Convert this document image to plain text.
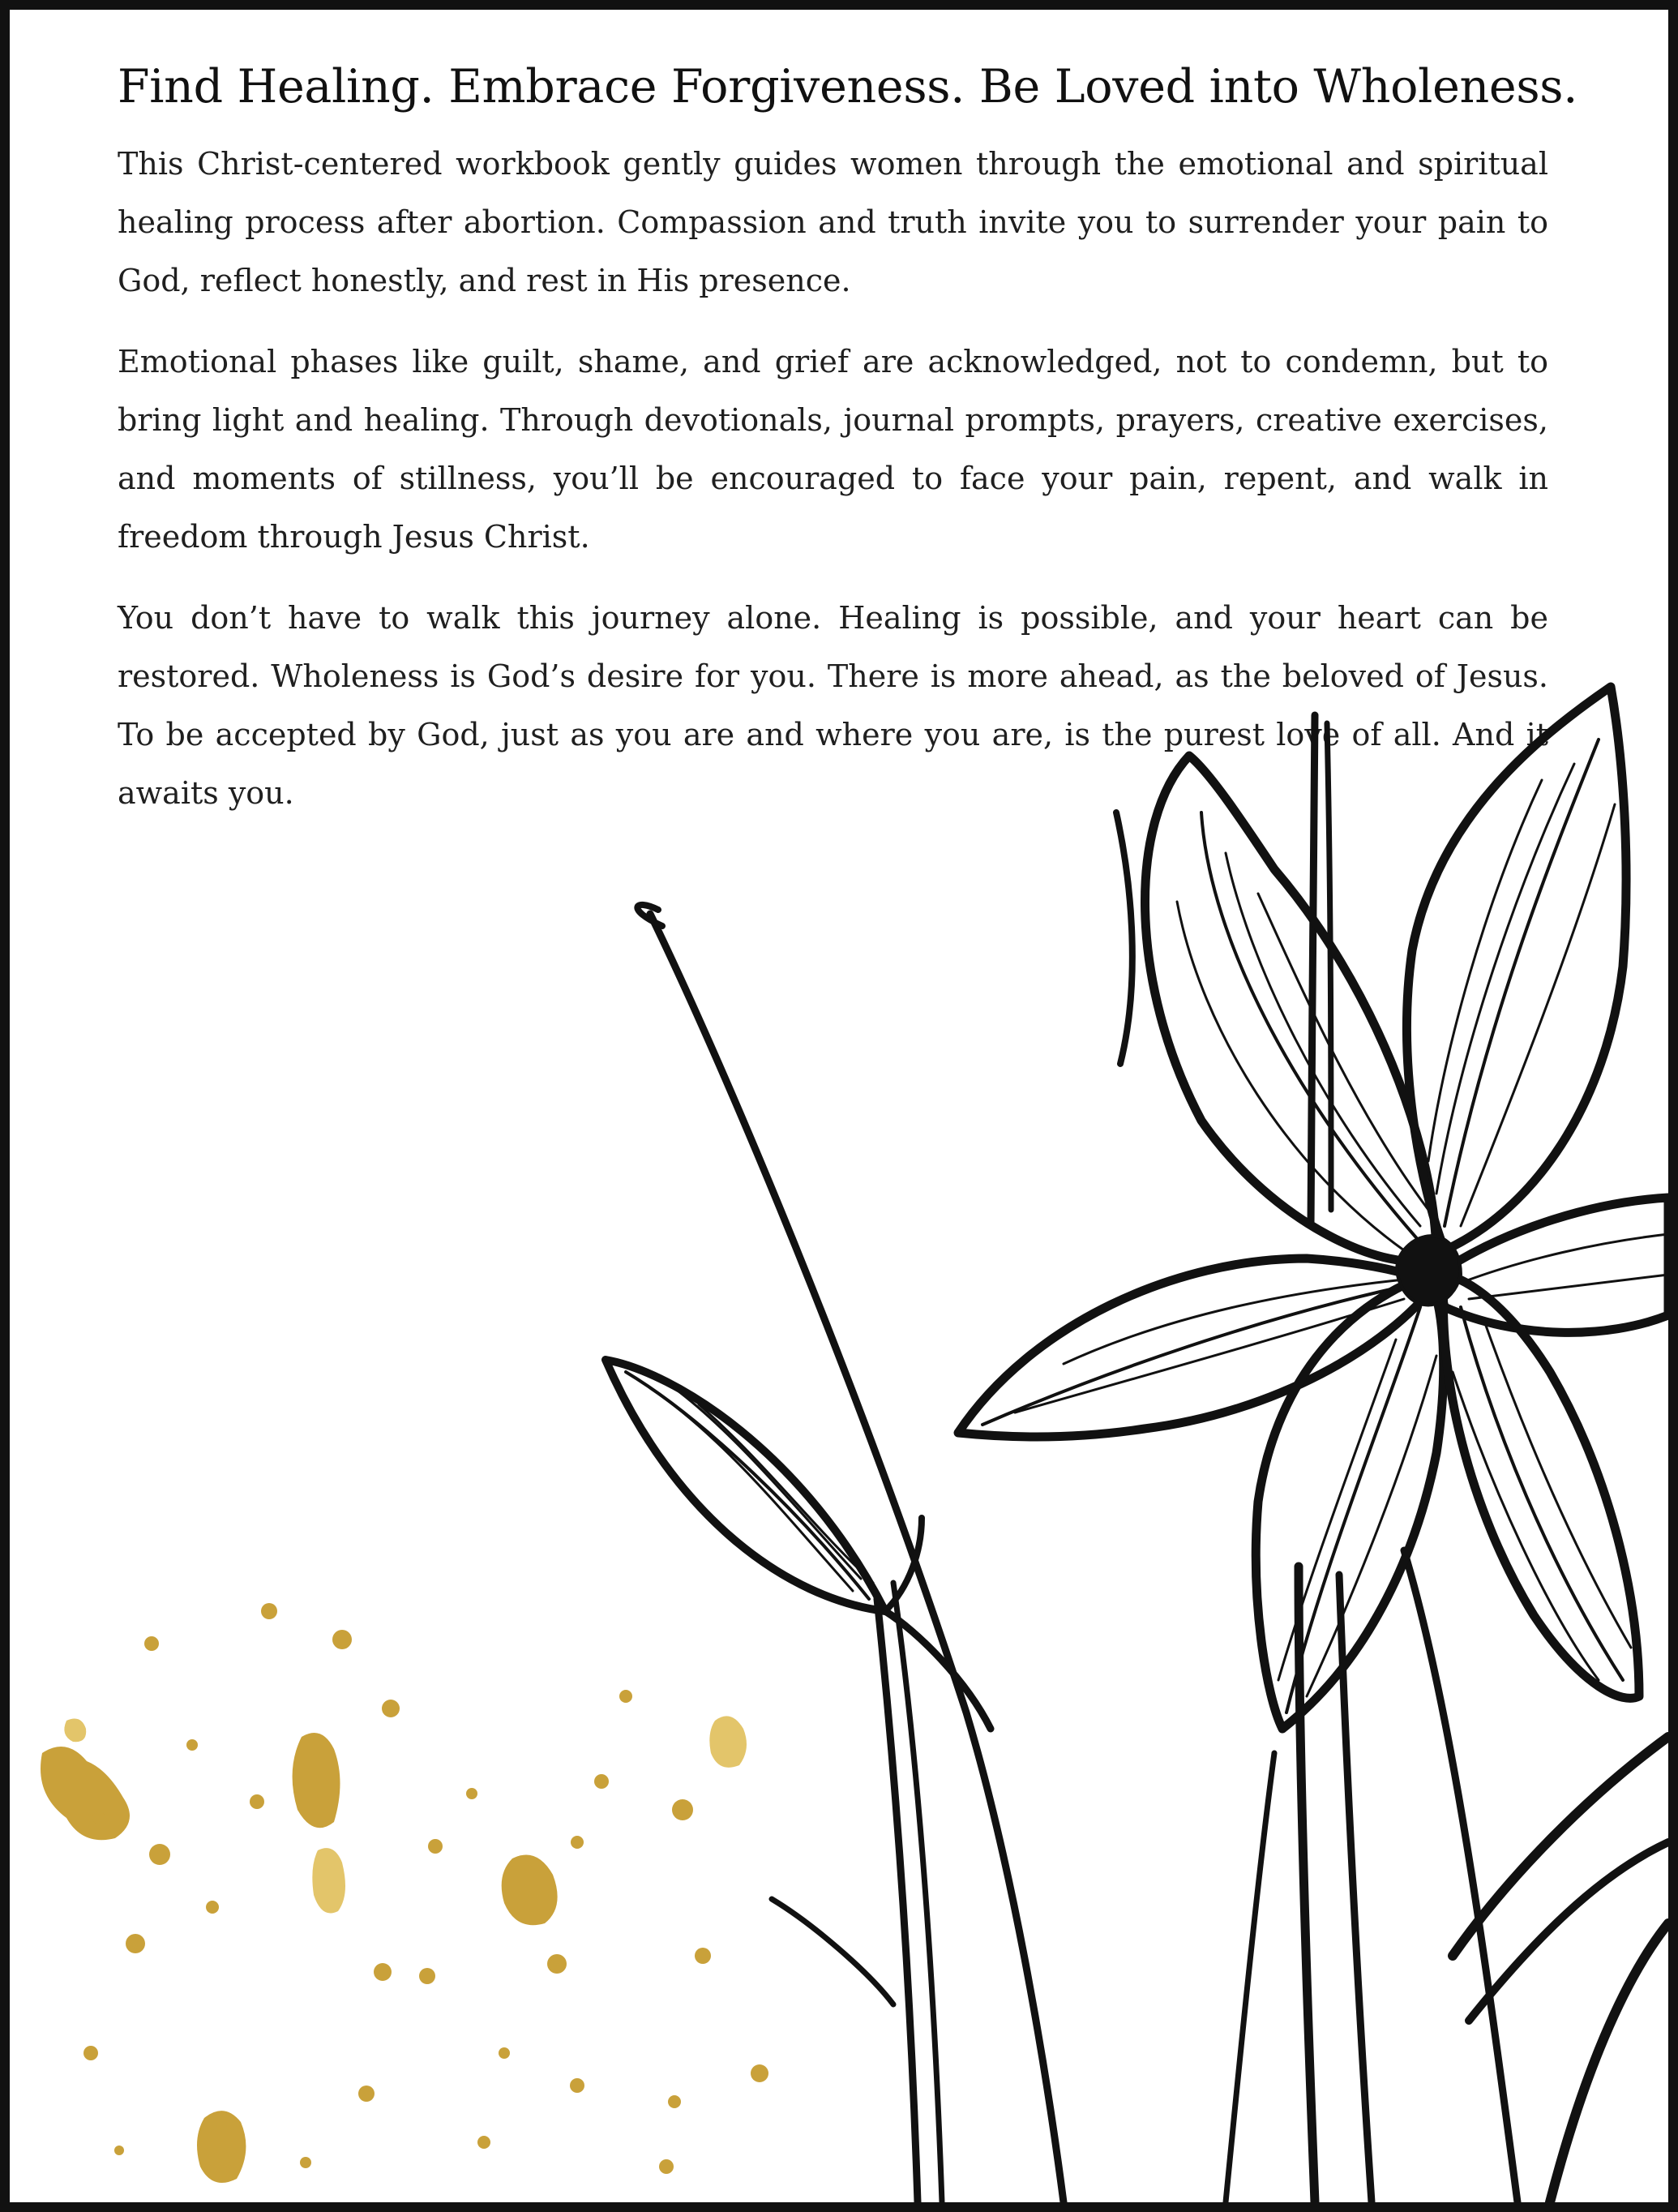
Find Healing. Embrace Forgiveness. Be Loved into Wholeness.

This Christ-centered workbook gently guides women through the emotional and spiritual healing process after abortion. Compassion and truth invite you to surrender your pain to God, reflect honestly, and rest in His presence.

Emotional phases like guilt, shame, and grief are acknowledged, not to condemn, but to bring light and healing. Through devotionals, journal prompts, prayers, creative exercises, and moments of stillness, you’ll be encouraged to face your pain, repent, and walk in freedom through Jesus Christ.

You don’t have to walk this journey alone. Healing is possible, and your heart can be restored. Wholeness is God’s desire for you. There is more ahead, as the beloved of Jesus. To be accepted by God, just as you are and where you are, is the purest love of all. And it awaits you.
